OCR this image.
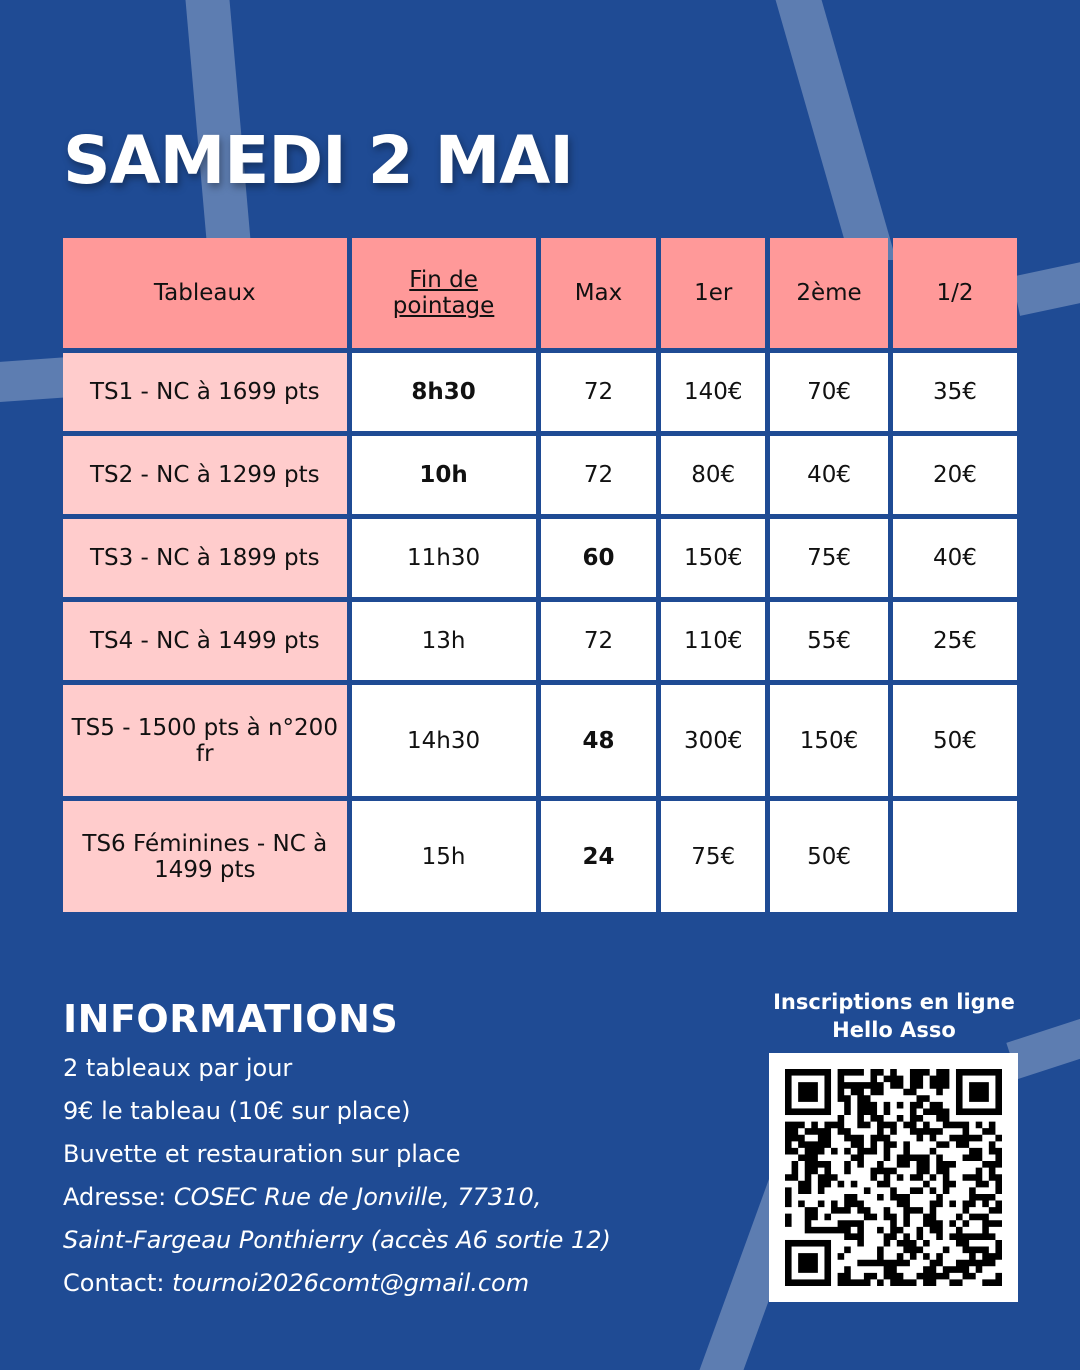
SAMEDI 2 MAI
Tableaux	Fin de pointage	Max	1er	2ème	1/2
TS1 - NC à 1699 pts	8h30	72	140€	70€	35€
TS2 - NC à 1299 pts	10h	72	80€	40€	20€
TS3 - NC à 1899 pts	11h30	60	150€	75€	40€
TS4 - NC à 1499 pts	13h	72	110€	55€	25€
TS5 - 1500 pts à n°200 fr	14h30	48	300€	150€	50€
TS6 Féminines - NC à 1499 pts	15h	24	75€	50€	
INFORMATIONS
2 tableaux par jour
9€ le tableau (10€ sur place)
Buvette et restauration sur place
Adresse: COSEC Rue de Jonville, 77310,
Saint-Fargeau Ponthierry (accès A6 sortie 12)
Contact: tournoi2026comt@gmail.com
Inscriptions en ligne
Hello Asso
